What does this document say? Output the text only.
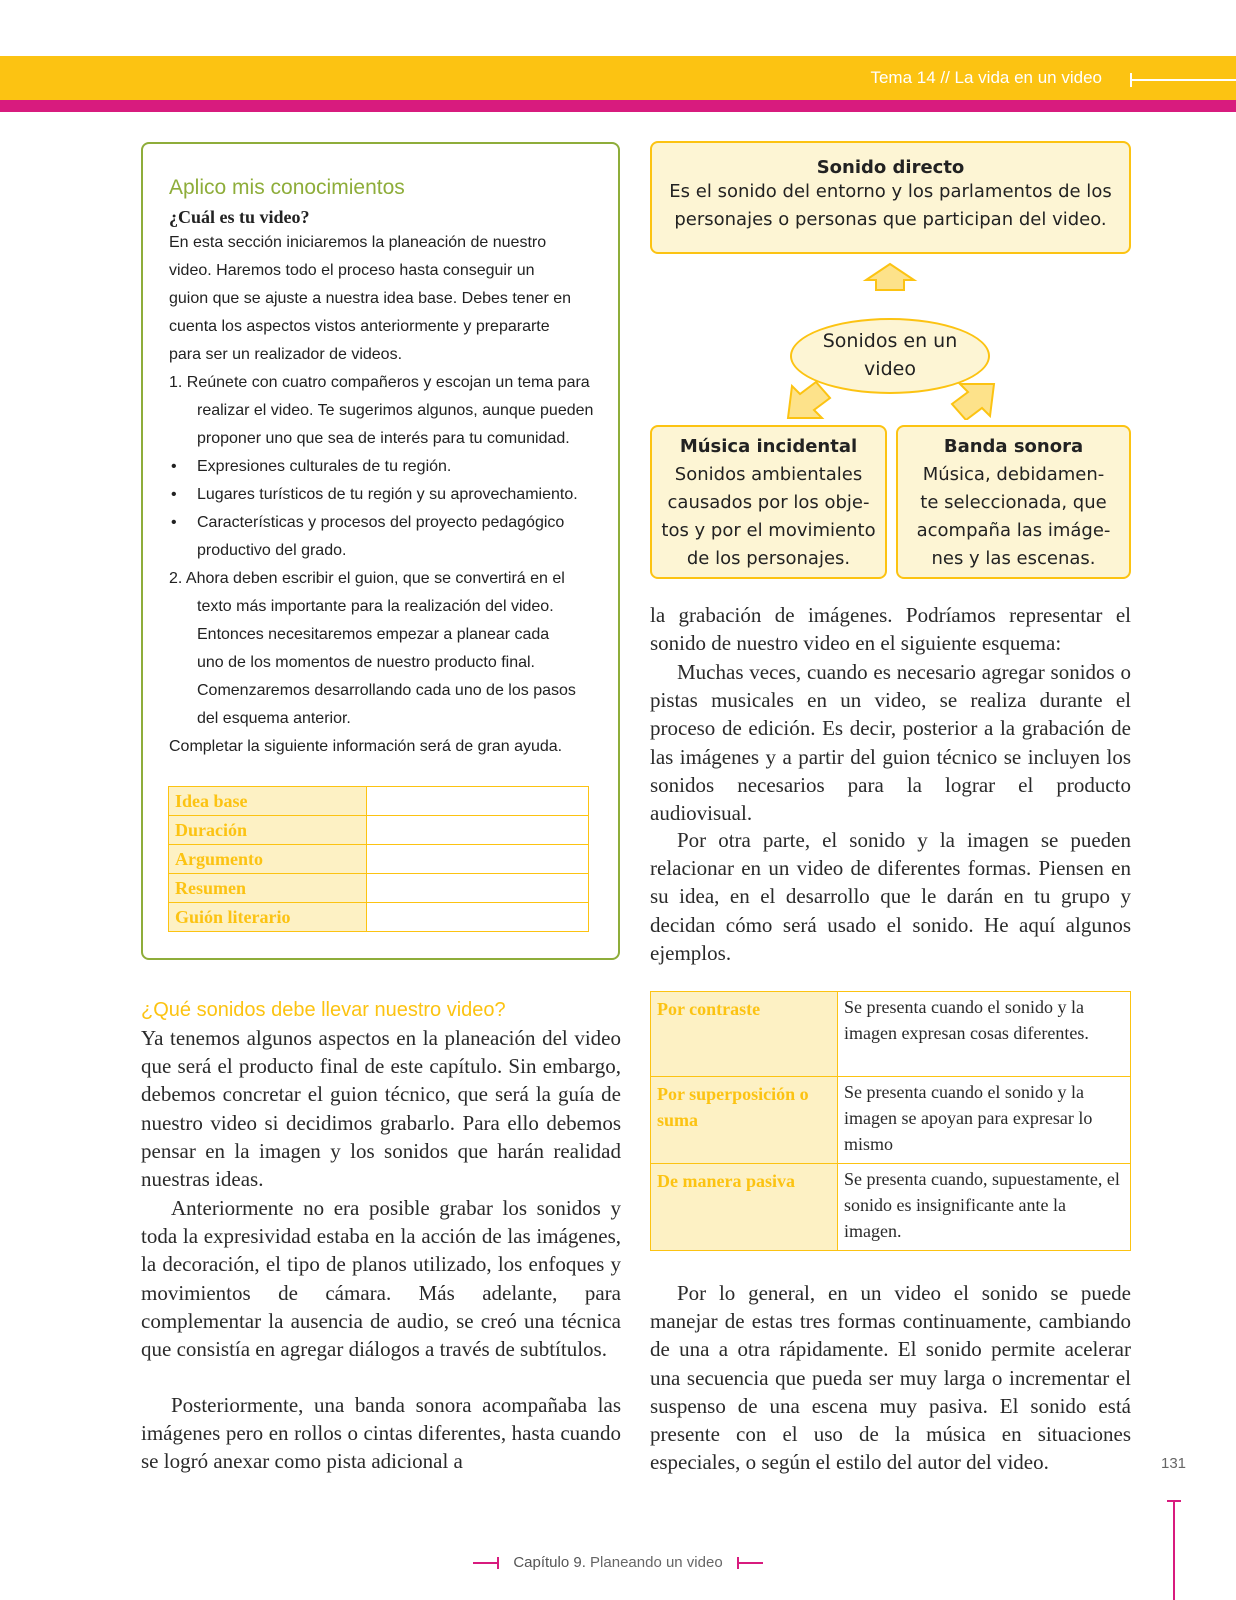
Tema 14 // La vida en un video
Aplico mis conocimientos
¿Cuál es tu video?
En esta sección iniciaremos la planeación de nuestro
video. Haremos todo el proceso hasta conseguir un
guion que se ajuste a nuestra idea base. Debes tener en
cuenta los aspectos vistos anteriormente y prepararte
para ser un realizador de videos.
1. Reúnete con cuatro compañeros y escojan un tema para
realizar el video. Te sugerimos algunos, aunque pueden
proponer uno que sea de interés para tu comunidad.
• Expresiones culturales de tu región.
• Lugares turísticos de tu región y su aprovechamiento.
• Características y procesos del proyecto pedagógico
productivo del grado.
2. Ahora deben escribir el guion, que se convertirá en el
texto más importante para la realización del video.
Entonces necesitaremos empezar a planear cada
uno de los momentos de nuestro producto final.
Comenzaremos desarrollando cada uno de los pasos
del esquema anterior.
Completar la siguiente información será de gran ayuda.
Idea base	
Duración	
Argumento	
Resumen	
Guión literario	
¿Qué sonidos debe llevar nuestro video?
Ya tenemos algunos aspectos en la planeación del video que será el producto final de este capítulo. Sin embargo, debemos concretar el guion técnico, que será la guía de nuestro video si decidimos grabarlo. Para ello debemos pensar en la imagen y los sonidos que harán realidad nuestras ideas.
Anteriormente no era posible grabar los sonidos y toda la expresividad estaba en la acción de las imágenes, la decoración, el tipo de planos utilizado, los enfoques y movimientos de cámara. Más adelante, para complementar la ausencia de audio, se creó una técnica que consistía en agregar diálogos a través de subtítulos.
Posteriormente, una banda sonora acompañaba las imágenes pero en rollos o cintas diferentes, hasta cuando se logró anexar como pista adicional a
Sonido directo
Es el sonido del entorno y los parlamentos de los
personajes o personas que participan del video.
Sonidos en un
video
Música incidental
Sonidos ambientales
causados por los obje-
tos y por el movimiento
de los personajes.
Banda sonora
Música, debidamen-
te seleccionada, que
acompaña las imáge-
nes y las escenas.
la grabación de imágenes. Podríamos representar el sonido de nuestro video en el siguiente esquema:
Muchas veces, cuando es necesario agregar sonidos o pistas musicales en un video, se realiza durante el proceso de edición. Es decir, posterior a la grabación de las imágenes y a partir del guion técnico se incluyen los sonidos necesarios para la lograr el producto audiovisual.
Por otra parte, el sonido y la imagen se pueden relacionar en un video de diferentes formas. Piensen en su idea, en el desarrollo que le darán en tu grupo y decidan cómo será usado el sonido. He aquí algunos ejemplos.
Por contraste	Se presenta cuando el sonido y la imagen expresan cosas diferentes.
Por superposición o suma	Se presenta cuando el sonido y la imagen se apoyan para expresar lo mismo
De manera pasiva	Se presenta cuando, supuestamente, el sonido es insignificante ante la imagen.
Por lo general, en un video el sonido se puede manejar de estas tres formas continuamente, cambiando de una a otra rápidamente. El sonido permite acelerar una secuencia que pueda ser muy larga o incrementar el suspenso de una escena muy pasiva. El sonido está presente con el uso de la música en situaciones especiales, o según el estilo del autor del video.	131
Capítulo 9. Planeando un video
